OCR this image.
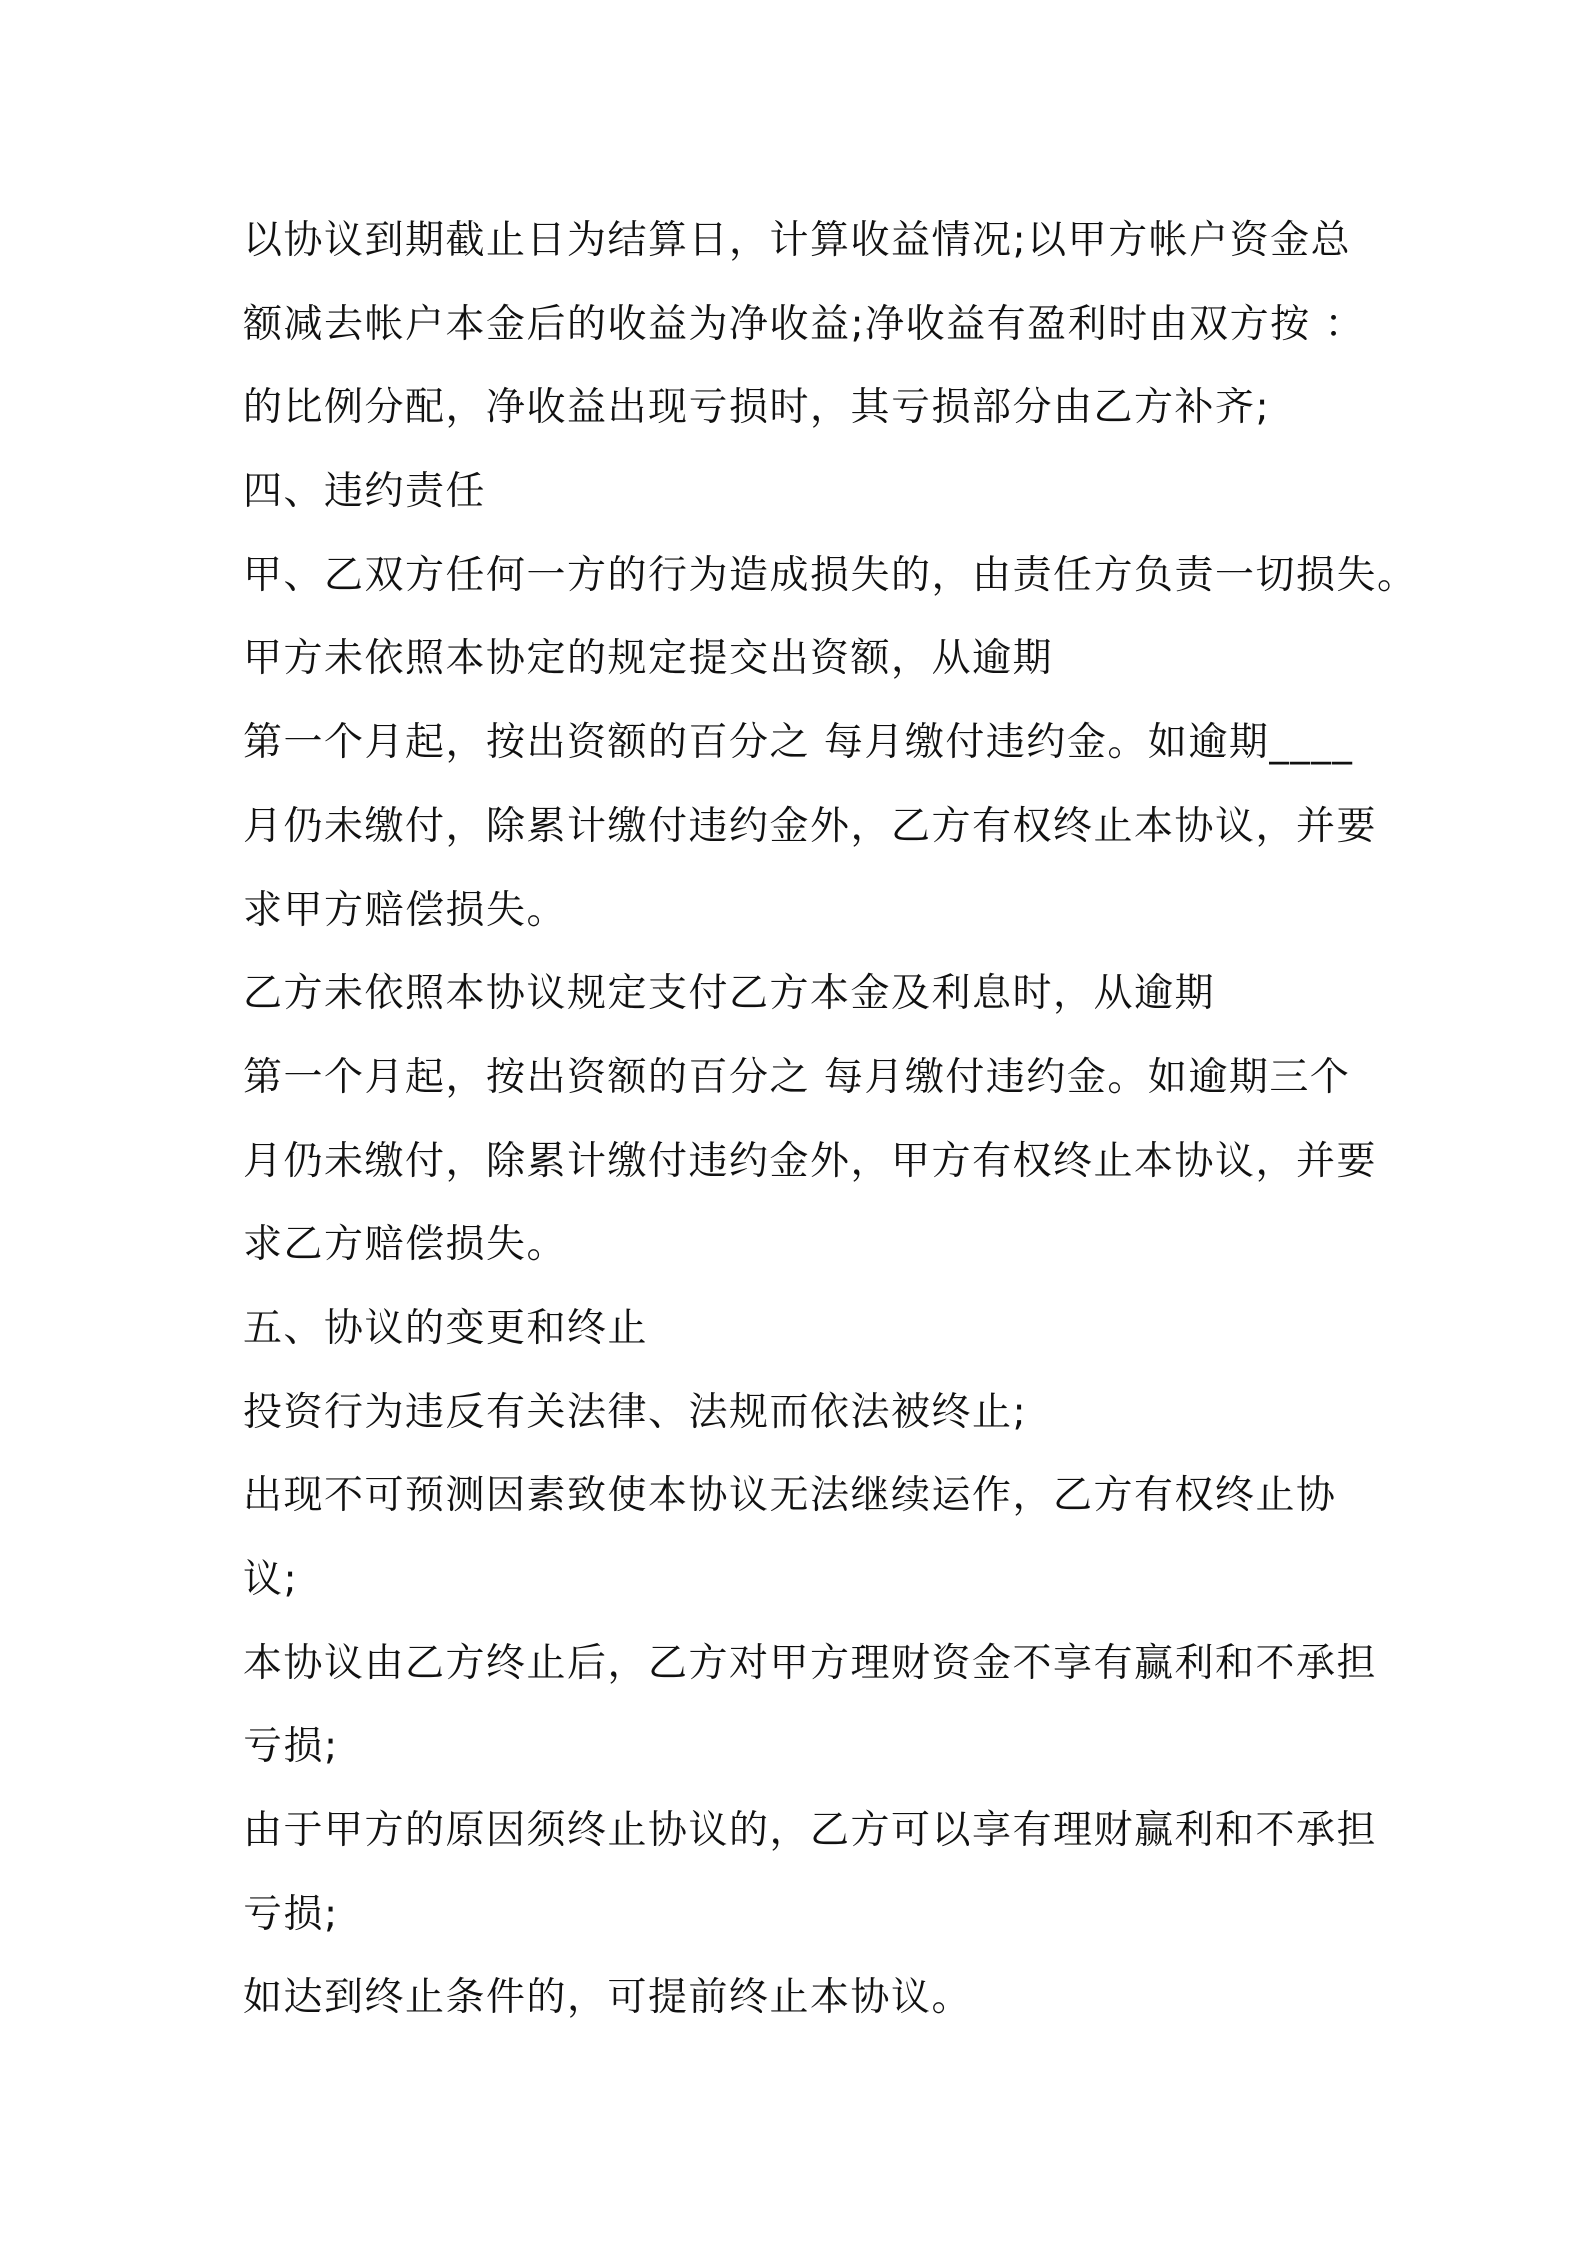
以协议到期截止日为结算日，计算收益情况;以甲方帐户资金总
额减去帐户本金后的收益为净收益;净收益有盈利时由双方按 ：
的比例分配，净收益出现亏损时，其亏损部分由乙方补齐;
四、违约责任
甲、乙双方任何一方的行为造成损失的，由责任方负责一切损失。
甲方未依照本协定的规定提交出资额，从逾期
第一个月起，按出资额的百分之 每月缴付违约金。如逾期____
月仍未缴付，除累计缴付违约金外，乙方有权终止本协议，并要
求甲方赔偿损失。
乙方未依照本协议规定支付乙方本金及利息时，从逾期
第一个月起，按出资额的百分之 每月缴付违约金。如逾期三个
月仍未缴付，除累计缴付违约金外，甲方有权终止本协议，并要
求乙方赔偿损失。
五、协议的变更和终止
投资行为违反有关法律、法规而依法被终止;
出现不可预测因素致使本协议无法继续运作，乙方有权终止协
议;
本协议由乙方终止后，乙方对甲方理财资金不享有赢利和不承担
亏损;
由于甲方的原因须终止协议的，乙方可以享有理财赢利和不承担
亏损;
如达到终止条件的，可提前终止本协议。
